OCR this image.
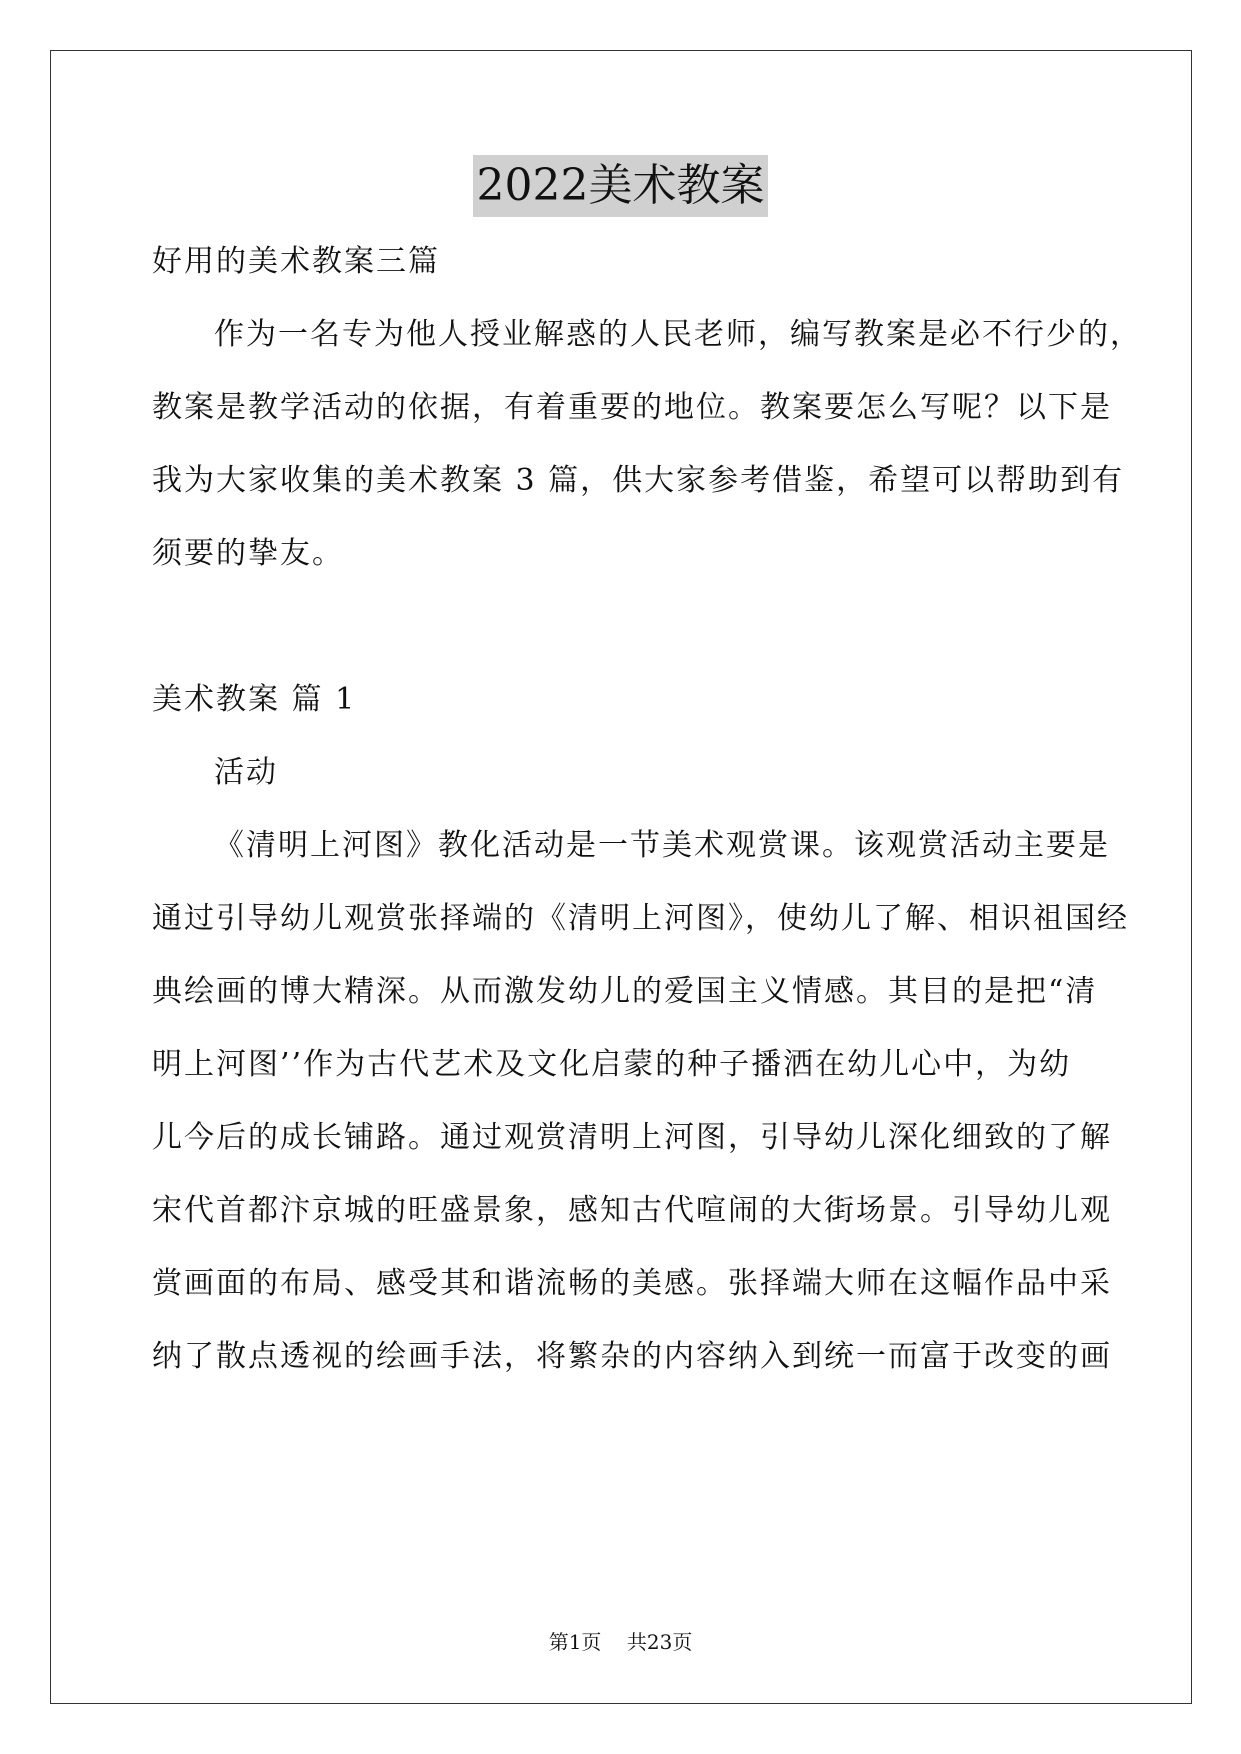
2022美术教案
好用的美术教案三篇
作为一名专为他人授业解惑的人民老师，编写教案是必不行少的，
教案是教学活动的依据，有着重要的地位。教案要怎么写呢？以下是
我为大家收集的美术教案 3 篇，供大家参考借鉴，希望可以帮助到有
须要的挚友。
美术教案 篇 1
活动
《清明上河图》教化活动是一节美术观赏课。该观赏活动主要是
通过引导幼儿观赏张择端的《清明上河图》，使幼儿了解、相识祖国经
典绘画的博大精深。从而激发幼儿的爱国主义情感。其目的是把“清
明上河图’’作为古代艺术及文化启蒙的种子播洒在幼儿心中，为幼
儿今后的成长铺路。通过观赏清明上河图，引导幼儿深化细致的了解
宋代首都汴京城的旺盛景象，感知古代喧闹的大街场景。引导幼儿观
赏画面的布局、感受其和谐流畅的美感。张择端大师在这幅作品中采
纳了散点透视的绘画手法，将繁杂的内容纳入到统一而富于改变的画
第1页 共23页
